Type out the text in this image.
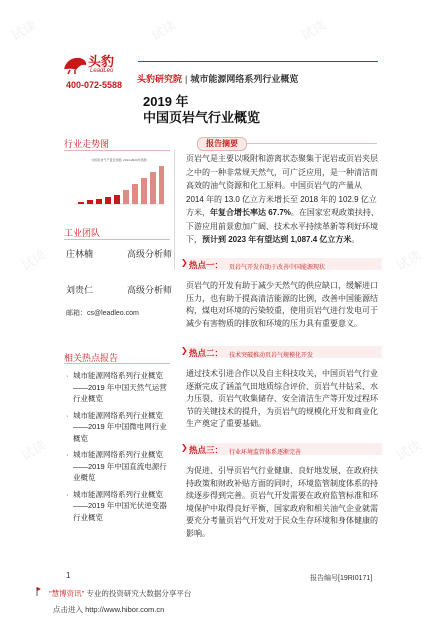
试读	试读	试读
试读	试读
试读	试读
头豹
LeadLeo
头豹研究院 | 城市能源网络系列行业概览
400-072-5588
2019 年
中国页岩气行业概览
行业走势图
中国页岩气产量及预测, 2014-2023年预测
工业团队
庄林楠	高级分析师
刘贵仁	高级分析师
邮箱：cs@leadleo.com
相关热点报告
· 城市能源网络系列行业概览——2019 年中国天然气运营行业概览
· 城市能源网络系列行业概览——2019 年中国微电网行业概览
· 城市能源网络系列行业概览——2019 年中国直流电源行业概览
· 城市能源网络系列行业概览——2019 年中国光伏逆变器行业概览
报告摘要

页岩气是主要以吸附和游离状态聚集于泥岩或页岩夹层之中的一种非常规天然气，可广泛应用，是一种清洁而高效的油气资源和化工原料。中国页岩气的产量从 2014 年的 13.0 亿立方米增长至 2018 年的 102.9 亿立方米，年复合增长率达 67.7%。在国家宏观政策扶持、下游应用前景愈加广阔、技术水平持续革新等利好环境下，预计到 2023 年有望达到 1,087.4 亿立方米。

❯ 热点一： 页岩气开发有助于改善中国能源现状

页岩气的开发有助于减少天然气的供应缺口，缓解进口压力，也有助于提高清洁能源的比例，改善中国能源结构，煤电对环境的污染较重，使用页岩气进行发电可于减少有害物质的排放和环境的压力具有重要意义。

❯ 热点二： 技术突破推动页岩气规模化开发

通过技术引进合作以及自主科技攻关，中国页岩气行业逐渐完成了涵盖气田地质综合评价、页岩气井钻采、水力压裂、页岩气收集储存、安全清洁生产等开发过程环节的关键技术的提升，为页岩气的规模化开发和商业化生产奠定了重要基础。

❯ 热点三： 行业环境监管体系逐渐完善

为促进、引导页岩气行业健康、良好地发展，在政府扶持政策和财政补贴方面的同时，环境监管制度体系的持续逐步得到完善。页岩气开发需要在政府监管标准和环境保护中取得良好平衡，国家政府和相关油气企业就需要充分考量页岩气开发对于民众生存环境和身体健康的影响。

1	报告编号[19RI0171]
"慧博资讯" 专业的投资研究大数据分享平台
点击进入 http://www.hibor.com.cn
